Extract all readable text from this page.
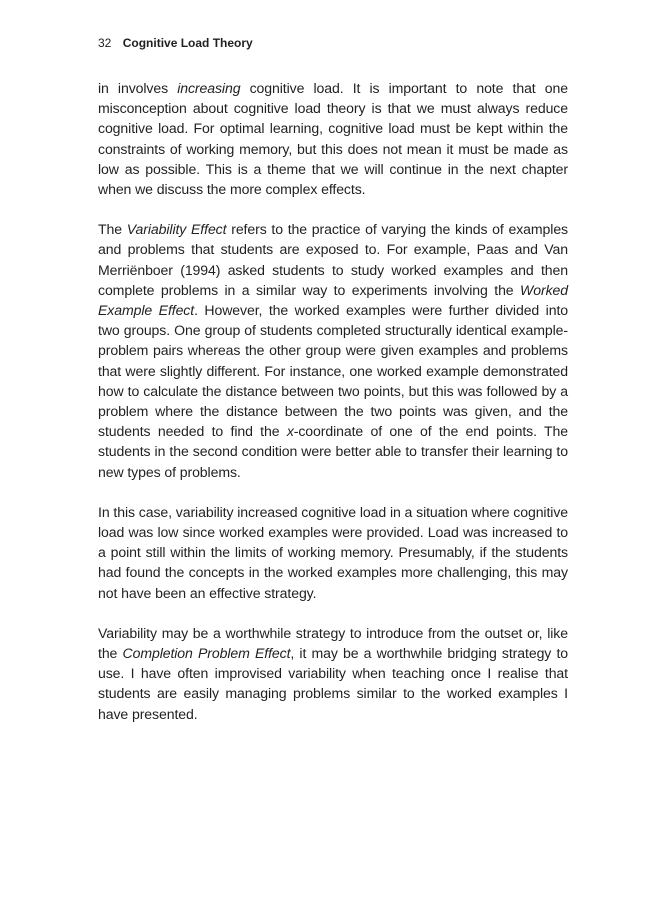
32 Cognitive Load Theory

in involves increasing cognitive load. It is important to note that one misconception about cognitive load theory is that we must always reduce cognitive load. For optimal learning, cognitive load must be kept within the constraints of working memory, but this does not mean it must be made as low as possible. This is a theme that we will continue in the next chapter when we discuss the more complex effects.

The Variability Effect refers to the practice of varying the kinds of examples and problems that students are exposed to. For example, Paas and Van Merriënboer (1994) asked students to study worked examples and then complete problems in a similar way to experiments involving the Worked Example Effect. However, the worked examples were further divided into two groups. One group of students completed structurally identical example-problem pairs whereas the other group were given examples and problems that were slightly different. For instance, one worked example demonstrated how to calculate the distance between two points, but this was followed by a problem where the distance between the two points was given, and the students needed to find the x-coordinate of one of the end points. The students in the second condition were better able to transfer their learning to new types of problems.

In this case, variability increased cognitive load in a situation where cognitive load was low since worked examples were provided. Load was increased to a point still within the limits of working memory. Presumably, if the students had found the concepts in the worked examples more challenging, this may not have been an effective strategy.

Variability may be a worthwhile strategy to introduce from the outset or, like the Completion Problem Effect, it may be a worthwhile bridging strategy to use. I have often improvised variability when teaching once I realise that students are easily managing problems similar to the worked examples I have presented.
